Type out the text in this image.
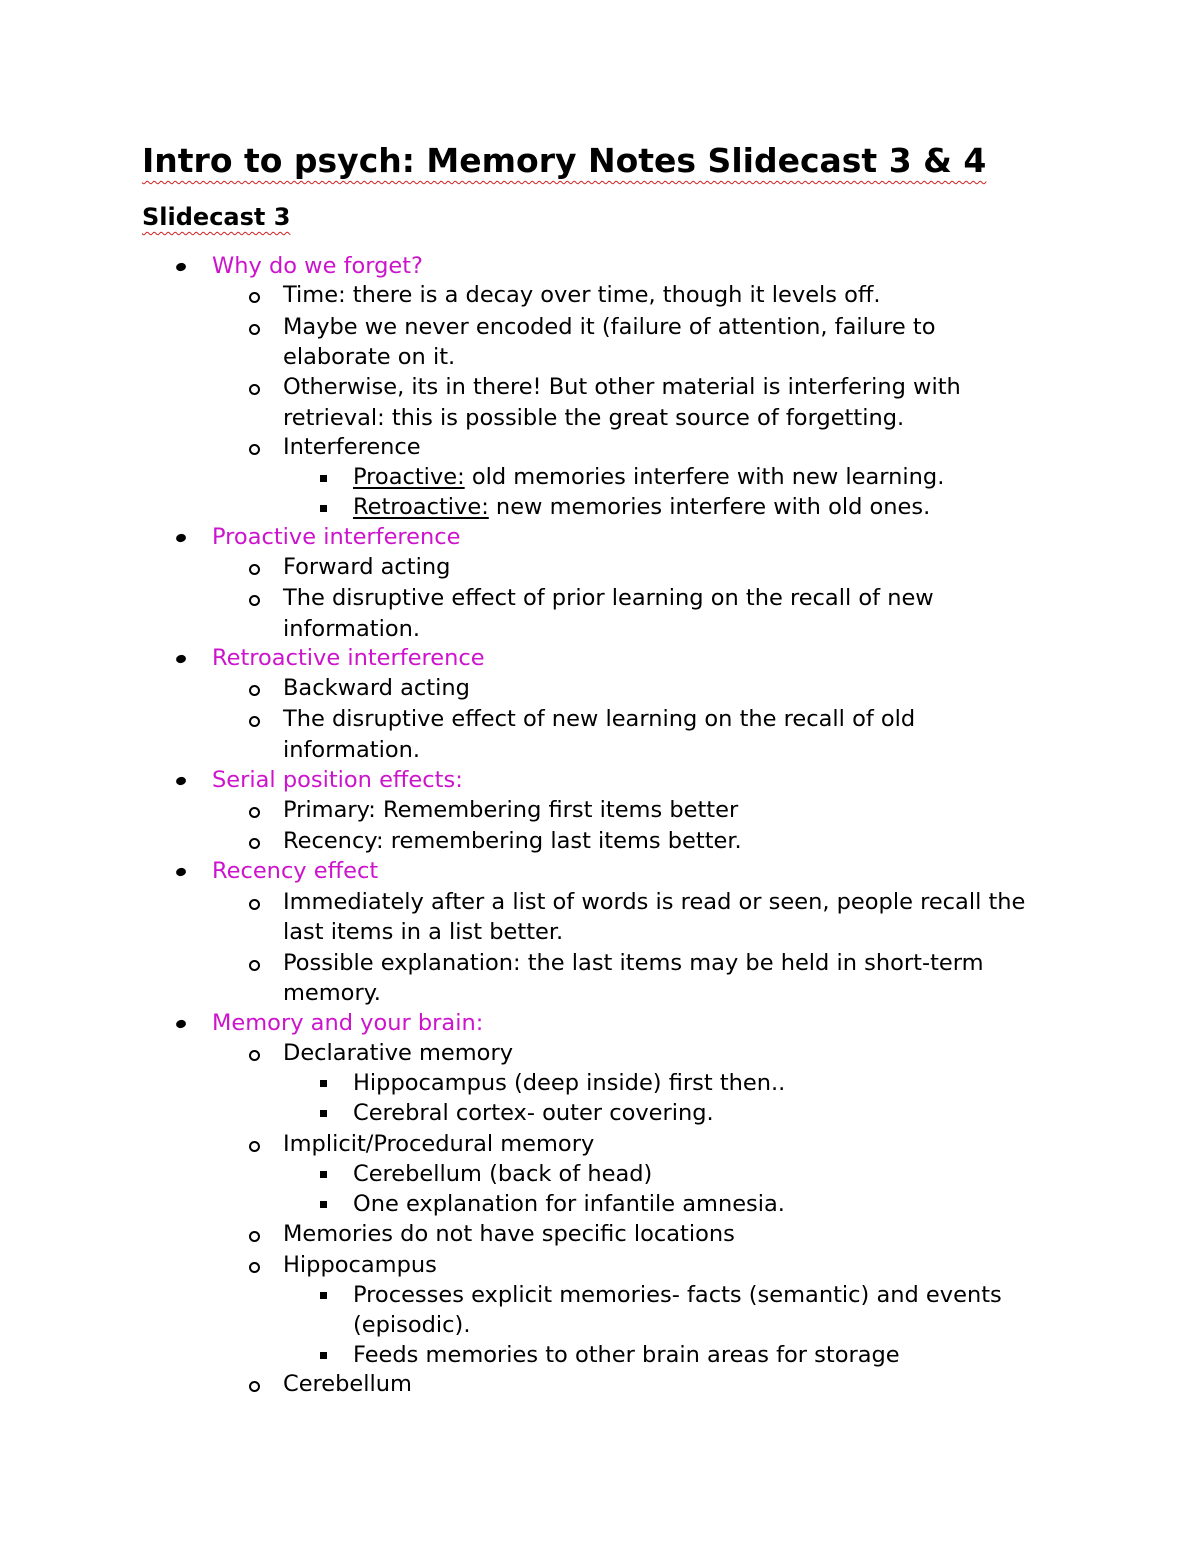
Intro to psych: Memory Notes Slidecast 3 & 4
Slidecast 3
Why do we forget?
Time: there is a decay over time, though it levels off.
Maybe we never encoded it (failure of attention, failure to
elaborate on it.
Otherwise, its in there! But other material is interfering with
retrieval: this is possible the great source of forgetting.
Interference
Proactive: old memories interfere with new learning.
Retroactive: new memories interfere with old ones.
Proactive interference
Forward acting
The disruptive effect of prior learning on the recall of new
information.
Retroactive interference
Backward acting
The disruptive effect of new learning on the recall of old
information.
Serial position effects:
Primary: Remembering first items better
Recency: remembering last items better.
Recency effect
Immediately after a list of words is read or seen, people recall the
last items in a list better.
Possible explanation: the last items may be held in short-term
memory.
Memory and your brain:
Declarative memory
Hippocampus (deep inside) first then..
Cerebral cortex- outer covering.
Implicit/Procedural memory
Cerebellum (back of head)
One explanation for infantile amnesia.
Memories do not have specific locations
Hippocampus
Processes explicit memories- facts (semantic) and events
(episodic).
Feeds memories to other brain areas for storage
Cerebellum
